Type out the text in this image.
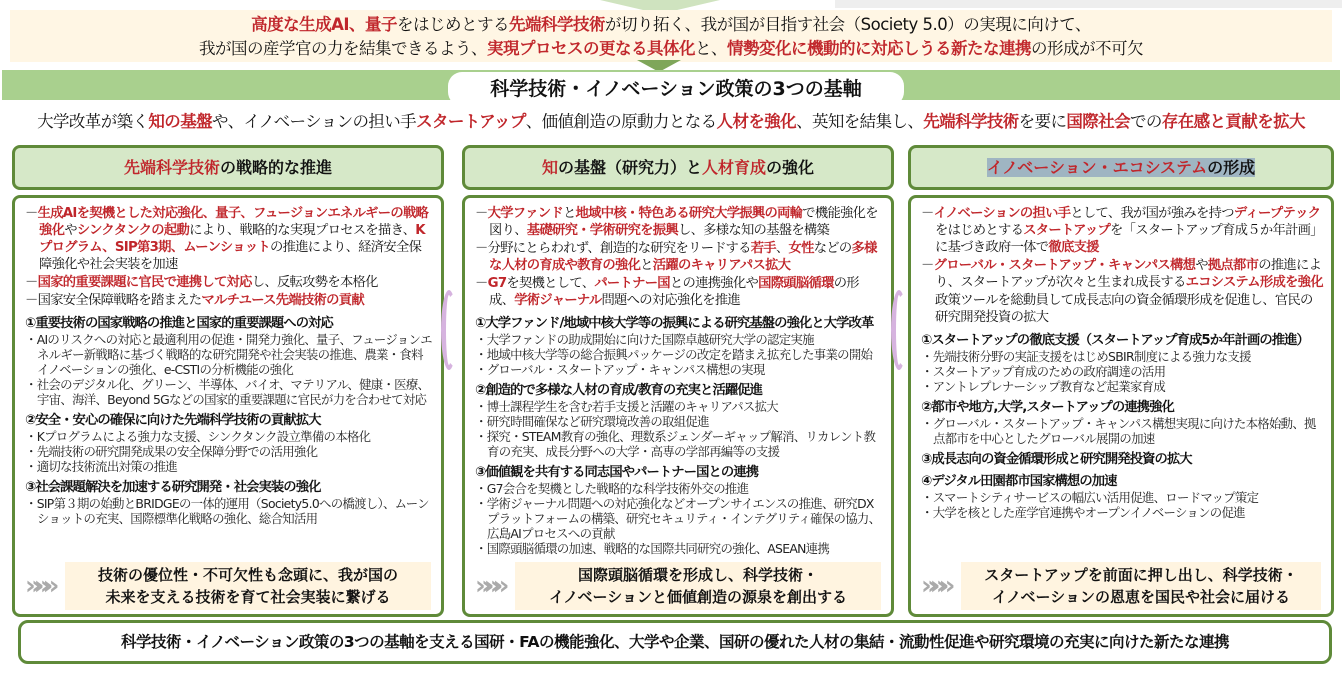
高度な生成AI、量子をはじめとする先端科学技術が切り拓く、我が国が目指す社会（Society 5.0）の実現に向けて、
我が国の産学官の力を結集できるよう、実現プロセスの更なる具体化と、情勢変化に機動的に対応しうる新たな連携の形成が不可欠
科学技術・イノベーション政策の3つの基軸
大学改革が築く知の基盤や、イノベーションの担い手スタートアップ、価値創造の原動力となる人材を強化、英知を結集し、先端科学技術を要に国際社会での存在感と貢献を拡大
先端科学技術の戦略的な推進
－生成AIを契機とした対応強化、量子、フュージョンエネルギーの戦略強化やシンクタンクの起動により、戦略的な実現プロセスを描き、Kプログラム、SIP第3期、ムーンショットの推進により、経済安全保障強化や社会実装を加速
－国家的重要課題に官民で連携して対応し、反転攻勢を本格化
－国家安全保障戦略を踏まえたマルチユース先端技術の貢献
①重要技術の国家戦略の推進と国家的重要課題への対応
・AIのリスクへの対応と最適利用の促進・開発力強化、量子、フュージョンエネルギー新戦略に基づく戦略的な研究開発や社会実装の推進、農業・食料イノベーションの強化、e-CSTIの分析機能の強化
・社会のデジタル化、グリーン、半導体、バイオ、マテリアル、健康・医療、宇宙、海洋、Beyond 5Gなどの国家的重要課題に官民が力を合わせて対応
②安全・安心の確保に向けた先端科学技術の貢献拡大
・Kプログラムによる強力な支援、シンクタンク設立準備の本格化
・先端技術の研究開発成果の安全保障分野での活用強化
・適切な技術流出対策の推進
③社会課題解決を加速する研究開発・社会実装の強化
・SIP第３期の始動とBRIDGEの一体的運用（Society5.0への橋渡し）、ムーンショットの充実、国際標準化戦略の強化、総合知活用
»»»	技術の優位性・不可欠性も念頭に、我が国の
未来を支える技術を育て社会実装に繋げる
知の基盤（研究力）と人材育成の強化
－大学ファンドと地域中核・特色ある研究大学振興の両輪で機能強化を図り、基礎研究・学術研究を振興し、多様な知の基盤を構築
－分野にとらわれず、創造的な研究をリードする若手、女性などの多様な人材の育成や教育の強化と活躍のキャリアパス拡大
－G7を契機として、パートナー国との連携強化や国際頭脳循環の形成、学術ジャーナル問題への対応強化を推進
①大学ファンド/地域中核大学等の振興による研究基盤の強化と大学改革
・大学ファンドの助成開始に向けた国際卓越研究大学の認定実施
・地域中核大学等の総合振興パッケージの改定を踏まえ拡充した事業の開始
・グローバル・スタートアップ・キャンパス構想の実現
②創造的で多様な人材の育成/教育の充実と活躍促進
・博士課程学生を含む若手支援と活躍のキャリアパス拡大
・研究時間確保など研究環境改善の取組促進
・探究・STEAM教育の強化、理数系ジェンダーギャップ解消、リカレント教育の充実、成長分野への大学・高専の学部再編等の支援
③価値観を共有する同志国やパートナー国との連携
・G7会合を契機とした戦略的な科学技術外交の推進
・学術ジャーナル問題への対応強化などオープンサイエンスの推進、研究DXプラットフォームの構築、研究セキュリティ・インテグリティ確保の協力、広島AIプロセスへの貢献
・国際頭脳循環の加速、戦略的な国際共同研究の強化、ASEAN連携
»»»	国際頭脳循環を形成し、科学技術・
イノベーションと価値創造の源泉を創出する
イノベーション・エコシステムの形成
－イノベーションの担い手として、我が国が強みを持つディープテックをはじめとするスタートアップを「スタートアップ育成５か年計画」に基づき政府一体で徹底支援
－グローバル・スタートアップ・キャンパス構想や拠点都市の推進により、スタートアップが次々と生まれ成長するエコシステム形成を強化
政策ツールを総動員して成長志向の資金循環形成を促進し、官民の研究開発投資の拡大
①スタートアップの徹底支援（スタートアップ育成5か年計画の推進）
・先端技術分野の実証支援をはじめSBIR制度による強力な支援
・スタートアップ育成のための政府調達の活用
・アントレプレナーシップ教育など起業家育成
②都市や地方,大学,スタートアップの連携強化
・グローバル・スタートアップ・キャンパス構想実現に向けた本格始動、拠点都市を中心としたグローバル展開の加速
③成長志向の資金循環形成と研究開発投資の拡大
④デジタル田園都市国家構想の加速
・スマートシティサービスの幅広い活用促進、ロードマップ策定
・大学を核とした産学官連携やオープンイノベーションの促進
»»»	スタートアップを前面に押し出し、科学技術・
イノベーションの恩恵を国民や社会に届ける
科学技術・イノベーション政策の3つの基軸を支える国研・FAの機能強化、大学や企業、国研の優れた人材の集結・流動性促進や研究環境の充実に向けた新たな連携
